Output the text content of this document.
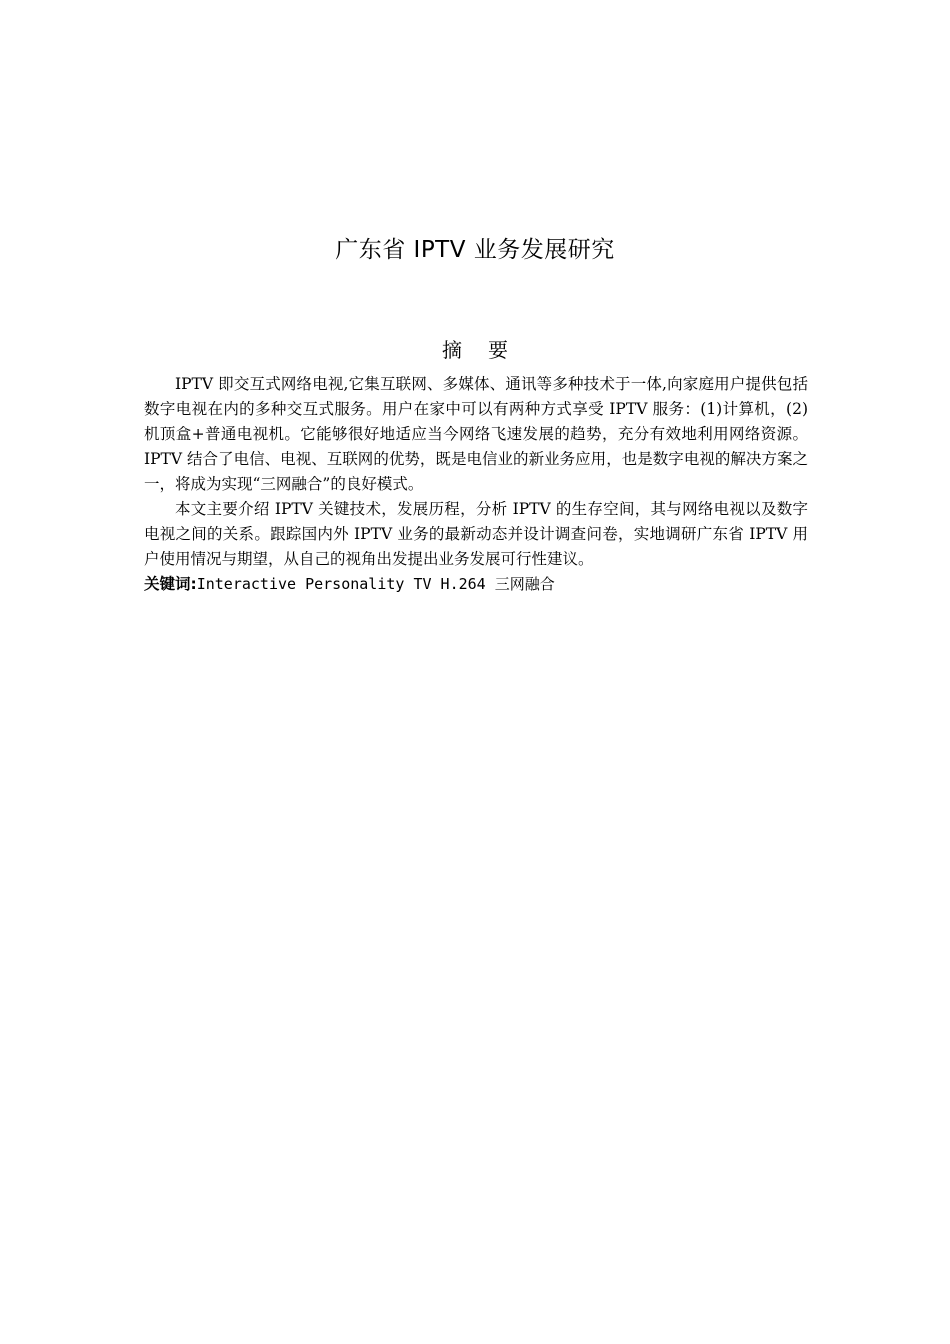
广东省 IPTV 业务发展研究
摘要

IPTV 即交互式网络电视,它集互联网、多媒体、通讯等多种技术于一体,向家庭用户提供包括数字电视在内的多种交互式服务。用户在家中可以有两种方式享受 IPTV 服务：(1)计算机，(2)机顶盒+普通电视机。它能够很好地适应当今网络飞速发展的趋势，充分有效地利用网络资源。IPTV 结合了电信、电视、互联网的优势，既是电信业的新业务应用，也是数字电视的解决方案之一，将成为实现“三网融合”的良好模式。

本文主要介绍 IPTV 关键技术，发展历程，分析 IPTV 的生存空间，其与网络电视以及数字电视之间的关系。跟踪国内外 IPTV 业务的最新动态并设计调查问卷，实地调研广东省 IPTV 用户使用情况与期望，从自己的视角出发提出业务发展可行性建议。

关键词:Interactive Personality TV H.264 三网融合
